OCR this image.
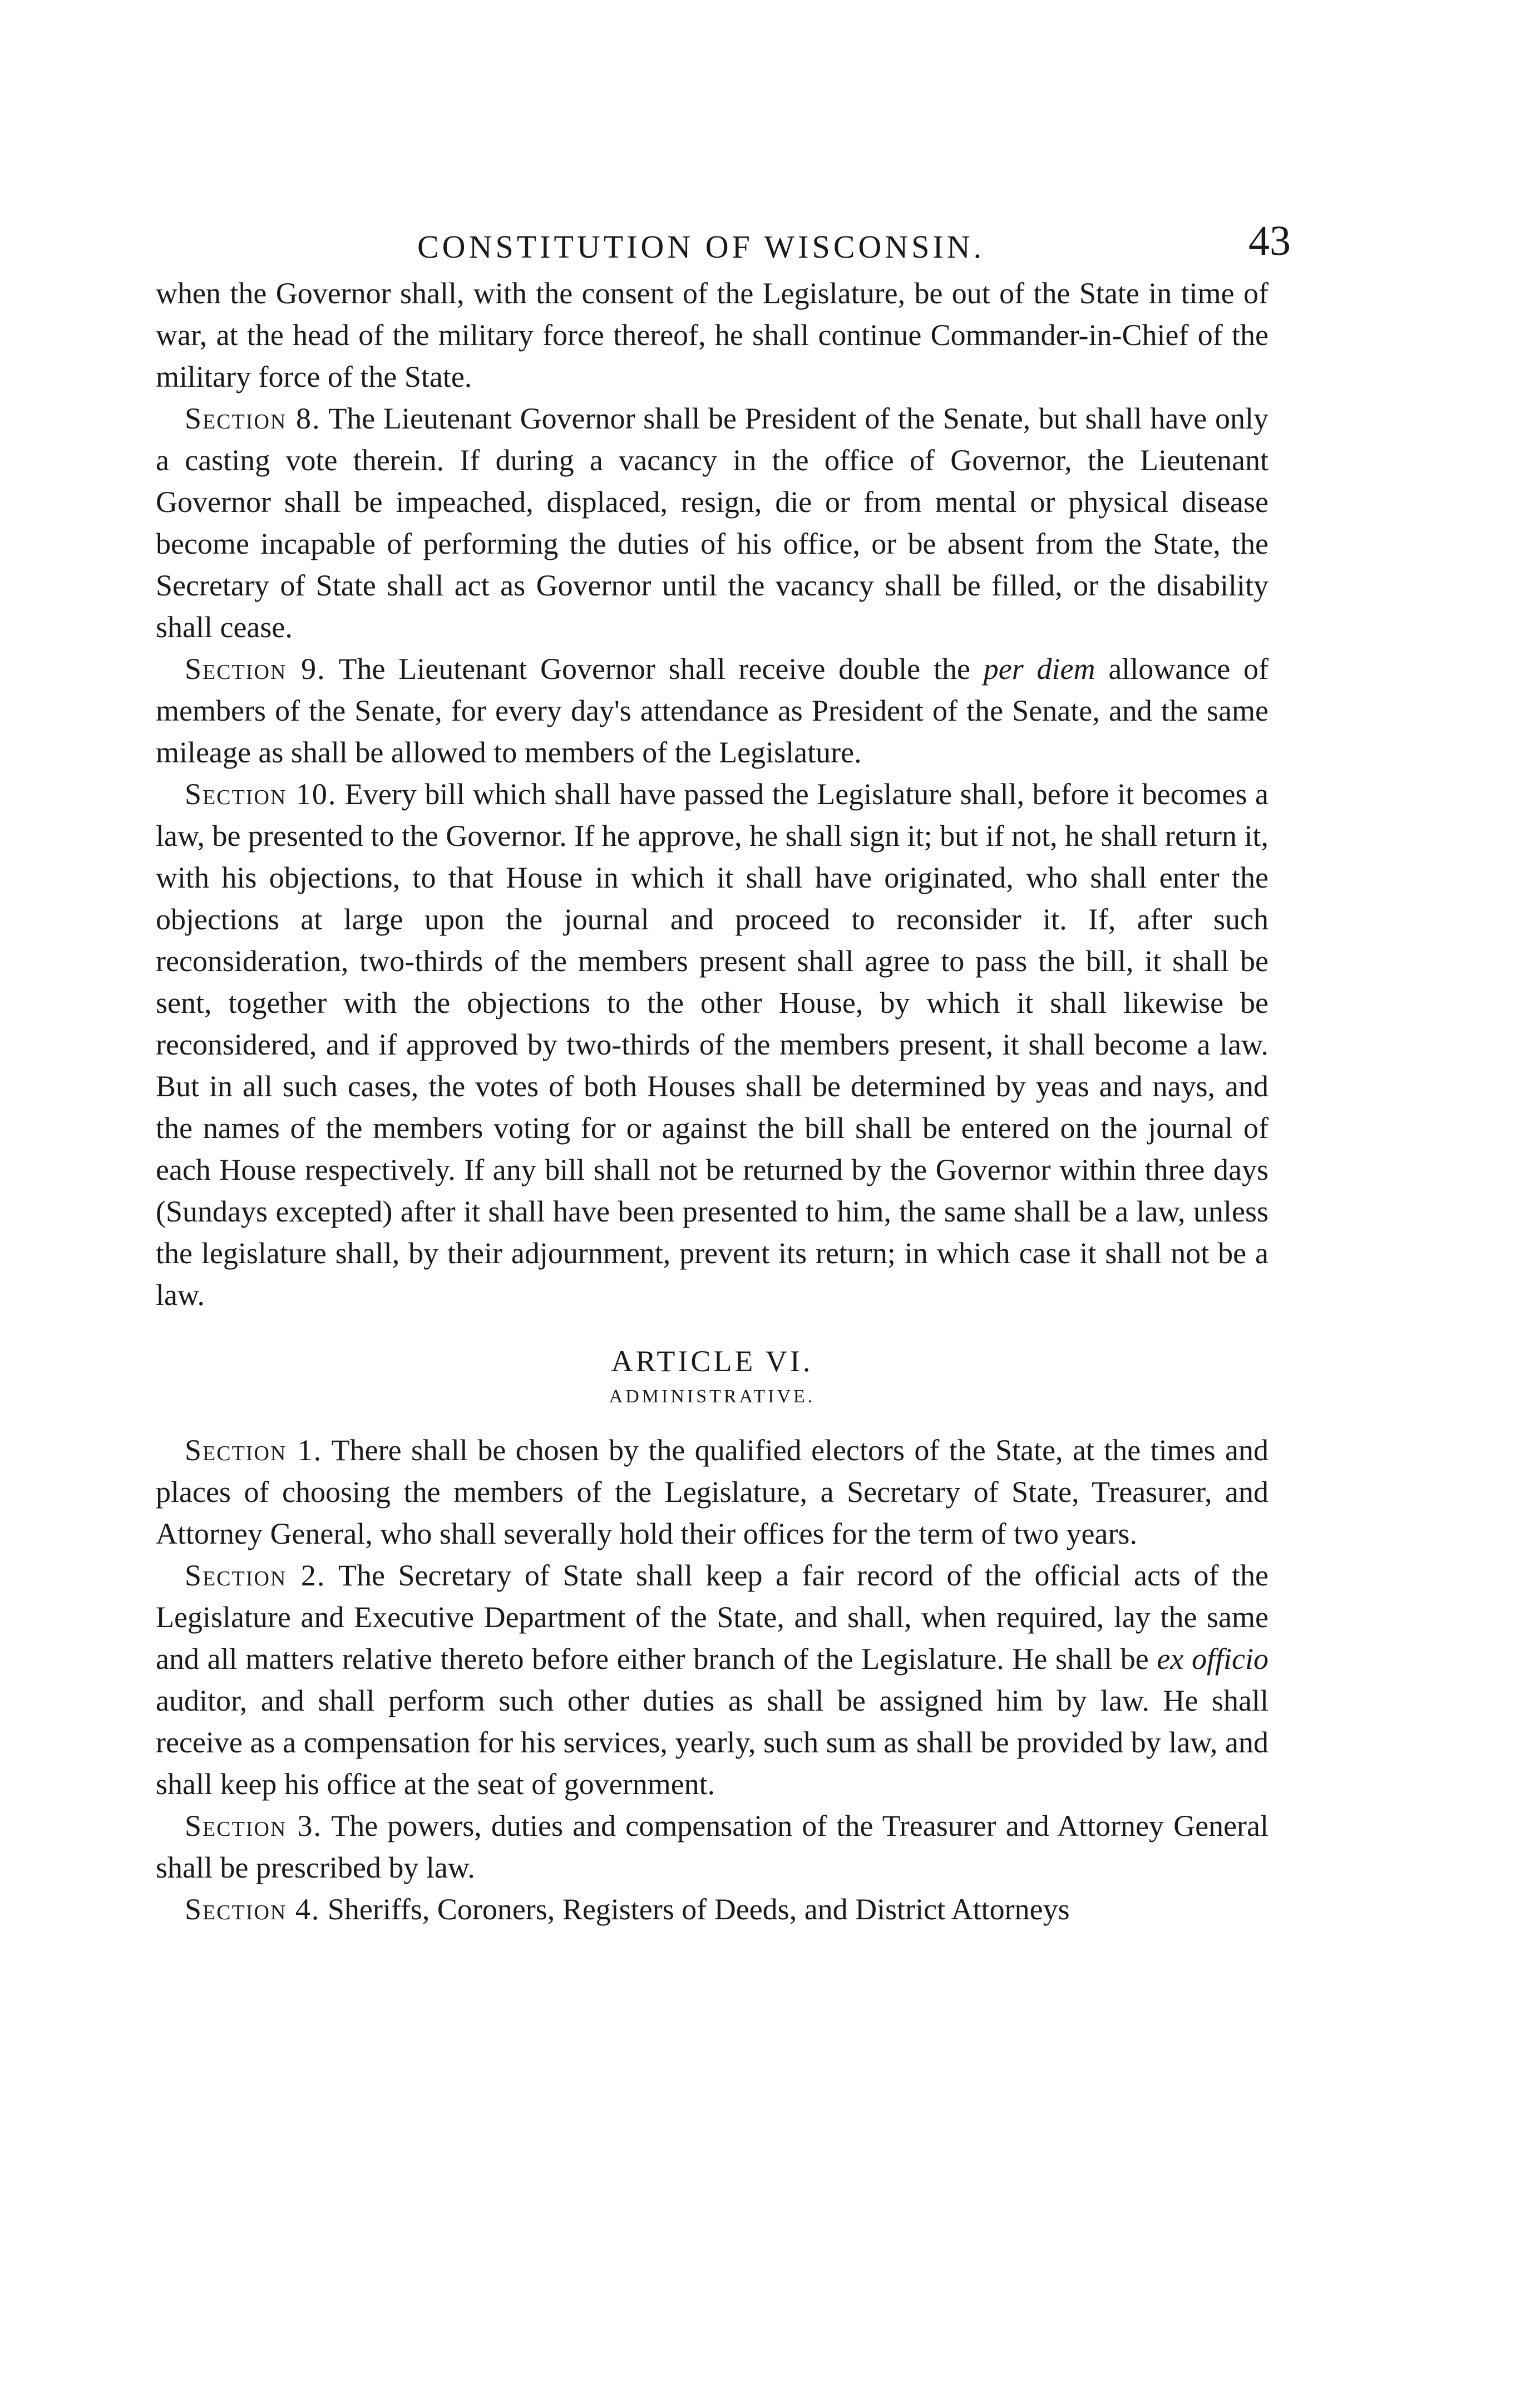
CONSTITUTION OF WISCONSIN.	43

when the Governor shall, with the consent of the Legislature, be out of the State in time of war, at the head of the military force thereof, he shall continue Commander-in-Chief of the military force of the State.

Section 8. The Lieutenant Governor shall be President of the Senate, but shall have only a casting vote therein. If during a vacancy in the office of Governor, the Lieutenant Governor shall be impeached, displaced, resign, die or from mental or physical disease become incapable of performing the duties of his office, or be absent from the State, the Secretary of State shall act as Governor until the vacancy shall be filled, or the disability shall cease.

Section 9. The Lieutenant Governor shall receive double the per diem allowance of members of the Senate, for every day's attendance as President of the Senate, and the same mileage as shall be allowed to members of the Legislature.

Section 10. Every bill which shall have passed the Legislature shall, before it becomes a law, be presented to the Governor. If he approve, he shall sign it; but if not, he shall return it, with his objections, to that House in which it shall have originated, who shall enter the objections at large upon the journal and proceed to reconsider it. If, after such reconsideration, two-thirds of the members present shall agree to pass the bill, it shall be sent, together with the objections to the other House, by which it shall likewise be reconsidered, and if approved by two-thirds of the members present, it shall become a law. But in all such cases, the votes of both Houses shall be determined by yeas and nays, and the names of the members voting for or against the bill shall be entered on the journal of each House respectively. If any bill shall not be returned by the Governor within three days (Sundays excepted) after it shall have been presented to him, the same shall be a law, unless the legislature shall, by their adjournment, prevent its return; in which case it shall not be a law.

ARTICLE VI.
ADMINISTRATIVE.

Section 1. There shall be chosen by the qualified electors of the State, at the times and places of choosing the members of the Legislature, a Secretary of State, Treasurer, and Attorney General, who shall severally hold their offices for the term of two years.

Section 2. The Secretary of State shall keep a fair record of the official acts of the Legislature and Executive Department of the State, and shall, when required, lay the same and all matters relative thereto before either branch of the Legislature. He shall be ex officio auditor, and shall perform such other duties as shall be assigned him by law. He shall receive as a compensation for his services, yearly, such sum as shall be provided by law, and shall keep his office at the seat of government.

Section 3. The powers, duties and compensation of the Treasurer and Attorney General shall be prescribed by law.

Section 4. Sheriffs, Coroners, Registers of Deeds, and District Attorneys
